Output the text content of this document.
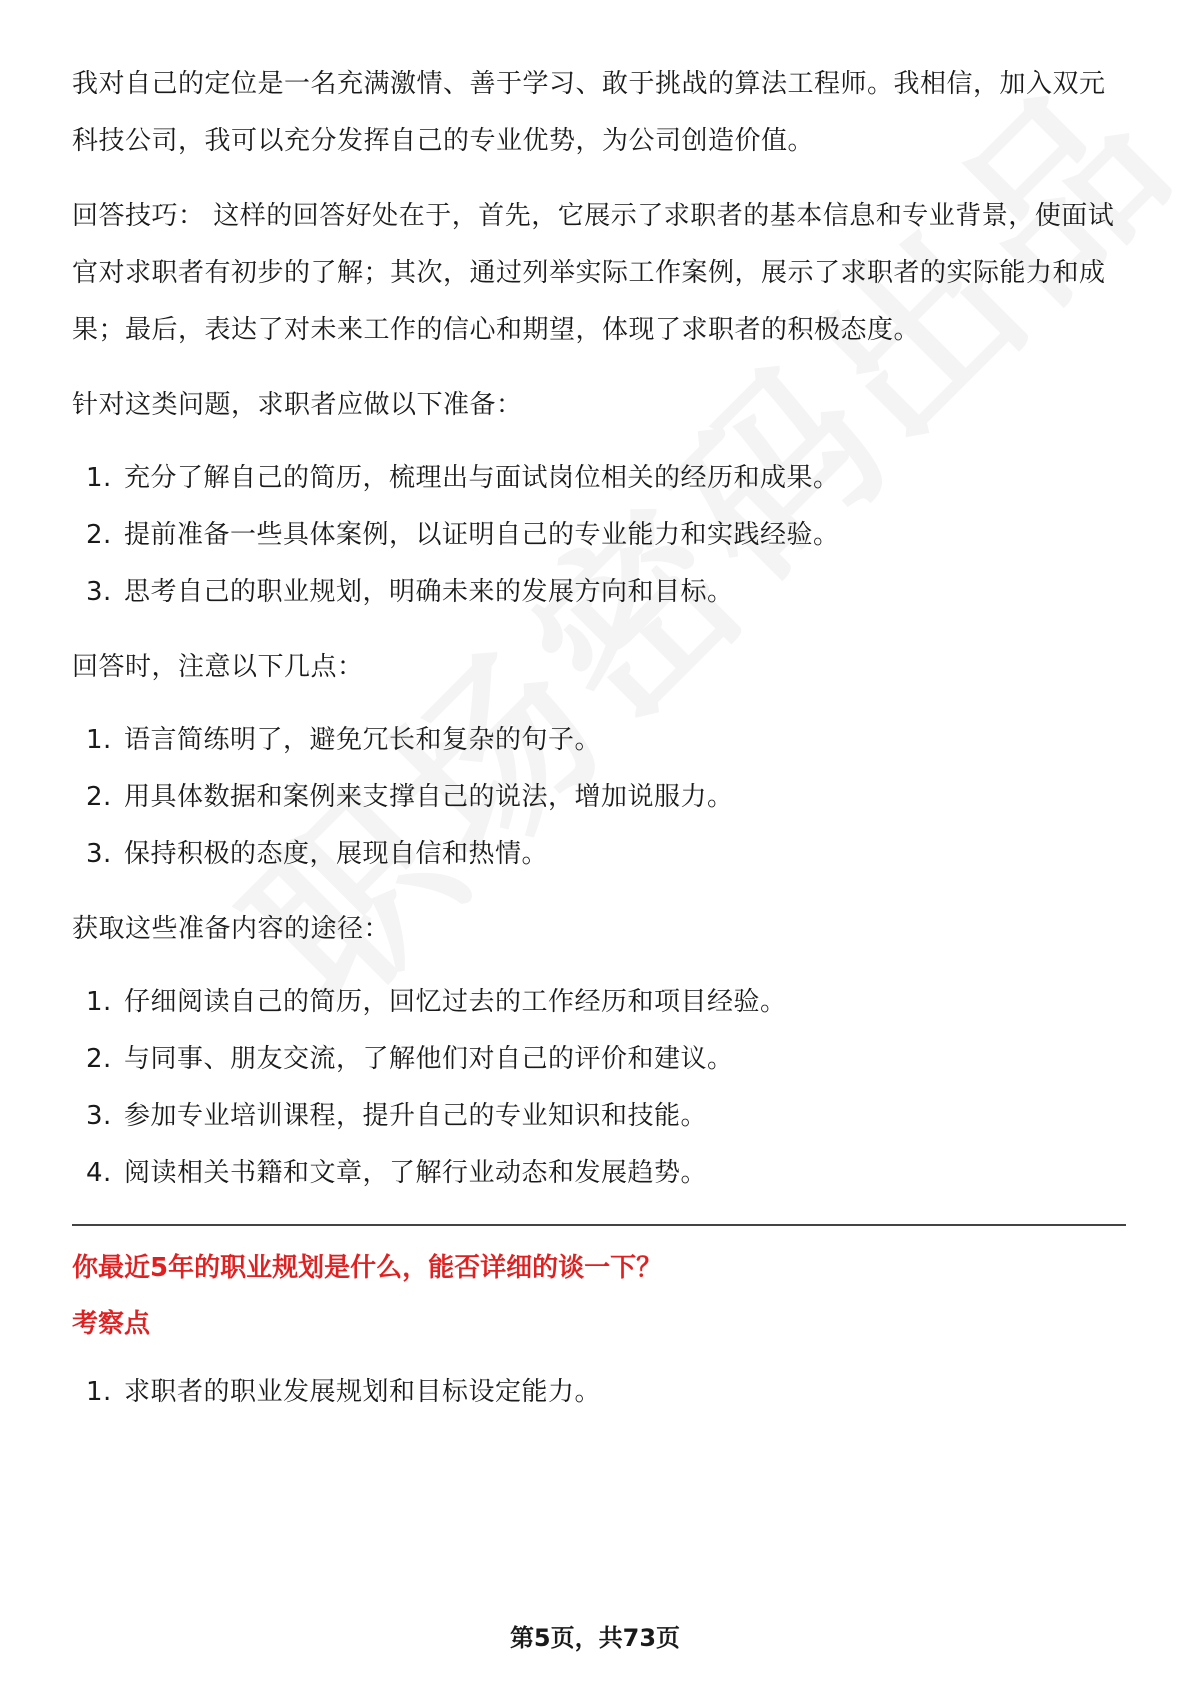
我对自己的定位是一名充满激情、善于学习、敢于挑战的算法工程师。我相信，加入双元科技公司，我可以充分发挥自己的专业优势，为公司创造价值。

回答技巧： 这样的回答好处在于，首先，它展示了求职者的基本信息和专业背景，使面试官对求职者有初步的了解；其次，通过列举实际工作案例，展示了求职者的实际能力和成果；最后，表达了对未来工作的信心和期望，体现了求职者的积极态度。

针对这类问题，求职者应做以下准备：

1. 充分了解自己的简历，梳理出与面试岗位相关的经历和成果。
2. 提前准备一些具体案例，以证明自己的专业能力和实践经验。
3. 思考自己的职业规划，明确未来的发展方向和目标。

回答时，注意以下几点：

1. 语言简练明了，避免冗长和复杂的句子。
2. 用具体数据和案例来支撑自己的说法，增加说服力。
3. 保持积极的态度，展现自信和热情。

获取这些准备内容的途径：

1. 仔细阅读自己的简历，回忆过去的工作经历和项目经验。
2. 与同事、朋友交流，了解他们对自己的评价和建议。
3. 参加专业培训课程，提升自己的专业知识和技能。
4. 阅读相关书籍和文章，了解行业动态和发展趋势。

你最近5年的职业规划是什么，能否详细的谈一下？

考察点

1. 求职者的职业发展规划和目标设定能力。
第5页，共73页
